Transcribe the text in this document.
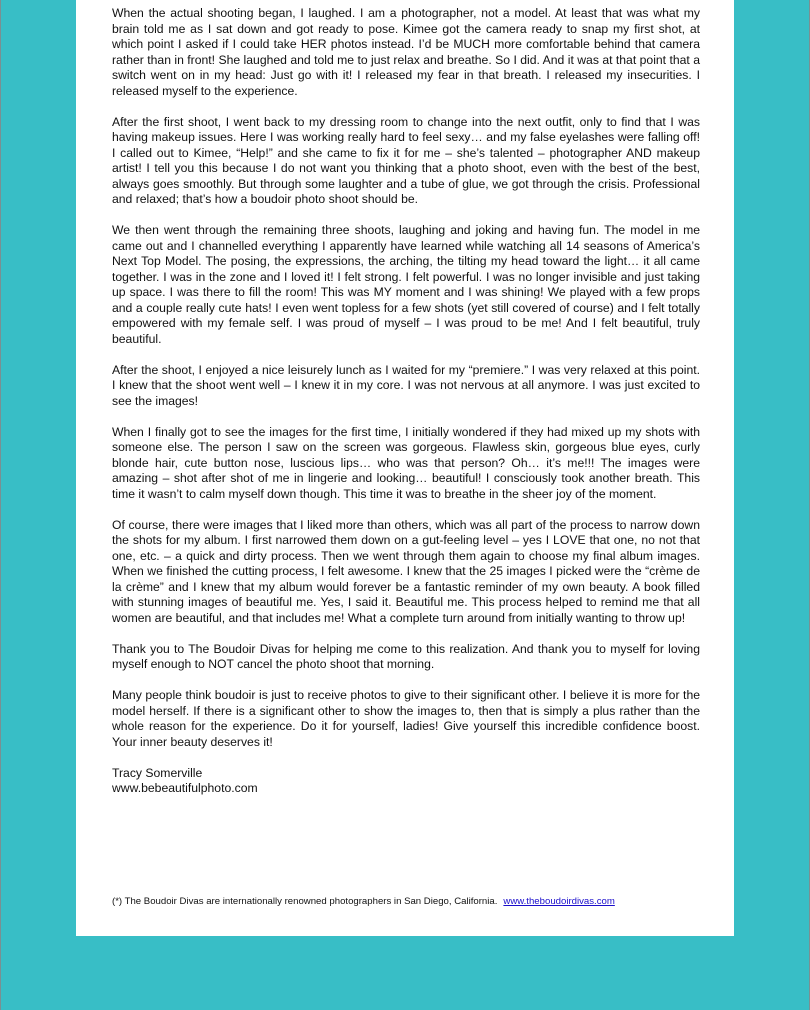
When the actual shooting began, I laughed. I am a photographer, not a model. At least that was what my brain told me as I sat down and got ready to pose. Kimee got the camera ready to snap my first shot, at which point I asked if I could take HER photos instead. I’d be MUCH more comfortable behind that camera rather than in front! She laughed and told me to just relax and breathe. So I did. And it was at that point that a switch went on in my head: Just go with it! I released my fear in that breath. I released my insecurities. I released myself to the experience.

After the first shoot, I went back to my dressing room to change into the next outfit, only to find that I was having makeup issues. Here I was working really hard to feel sexy… and my false eyelashes were falling off! I called out to Kimee, “Help!” and she came to fix it for me – she’s talented – photographer AND makeup artist! I tell you this because I do not want you thinking that a photo shoot, even with the best of the best, always goes smoothly. But through some laughter and a tube of glue, we got through the crisis. Professional and relaxed; that’s how a boudoir photo shoot should be.

We then went through the remaining three shoots, laughing and joking and having fun. The model in me came out and I channelled everything I apparently have learned while watching all 14 seasons of America’s Next Top Model. The posing, the expressions, the arching, the tilting my head toward the light… it all came together. I was in the zone and I loved it! I felt strong. I felt powerful. I was no longer invisible and just taking up space. I was there to fill the room! This was MY moment and I was shining! We played with a few props and a couple really cute hats! I even went topless for a few shots (yet still covered of course) and I felt totally empowered with my female self. I was proud of myself – I was proud to be me! And I felt beautiful, truly beautiful.

After the shoot, I enjoyed a nice leisurely lunch as I waited for my “premiere.” I was very relaxed at this point. I knew that the shoot went well – I knew it in my core. I was not nervous at all anymore. I was just excited to see the images!

When I finally got to see the images for the first time, I initially wondered if they had mixed up my shots with someone else. The person I saw on the screen was gorgeous. Flawless skin, gorgeous blue eyes, curly blonde hair, cute button nose, luscious lips… who was that person? Oh… it’s me!!! The images were amazing – shot after shot of me in lingerie and looking… beautiful! I consciously took another breath. This time it wasn’t to calm myself down though. This time it was to breathe in the sheer joy of the moment.

Of course, there were images that I liked more than others, which was all part of the process to narrow down the shots for my album. I first narrowed them down on a gut-feeling level – yes I LOVE that one, no not that one, etc. – a quick and dirty process. Then we went through them again to choose my final album images. When we finished the cutting process, I felt awesome. I knew that the 25 images I picked were the “crème de la crème” and I knew that my album would forever be a fantastic reminder of my own beauty. A book filled with stunning images of beautiful me. Yes, I said it. Beautiful me. This process helped to remind me that all women are beautiful, and that includes me! What a complete turn around from initially wanting to throw up!

Thank you to The Boudoir Divas for helping me come to this realization. And thank you to myself for loving myself enough to NOT cancel the photo shoot that morning.

Many people think boudoir is just to receive photos to give to their significant other. I believe it is more for the model herself. If there is a significant other to show the images to, then that is simply a plus rather than the whole reason for the experience. Do it for yourself, ladies! Give yourself this incredible confidence boost. Your inner beauty deserves it!

Tracy Somerville

www.bebeautifulphoto.com

(*) The Boudoir Divas are internationally renowned photographers in San Diego, California. www.theboudoirdivas.com
